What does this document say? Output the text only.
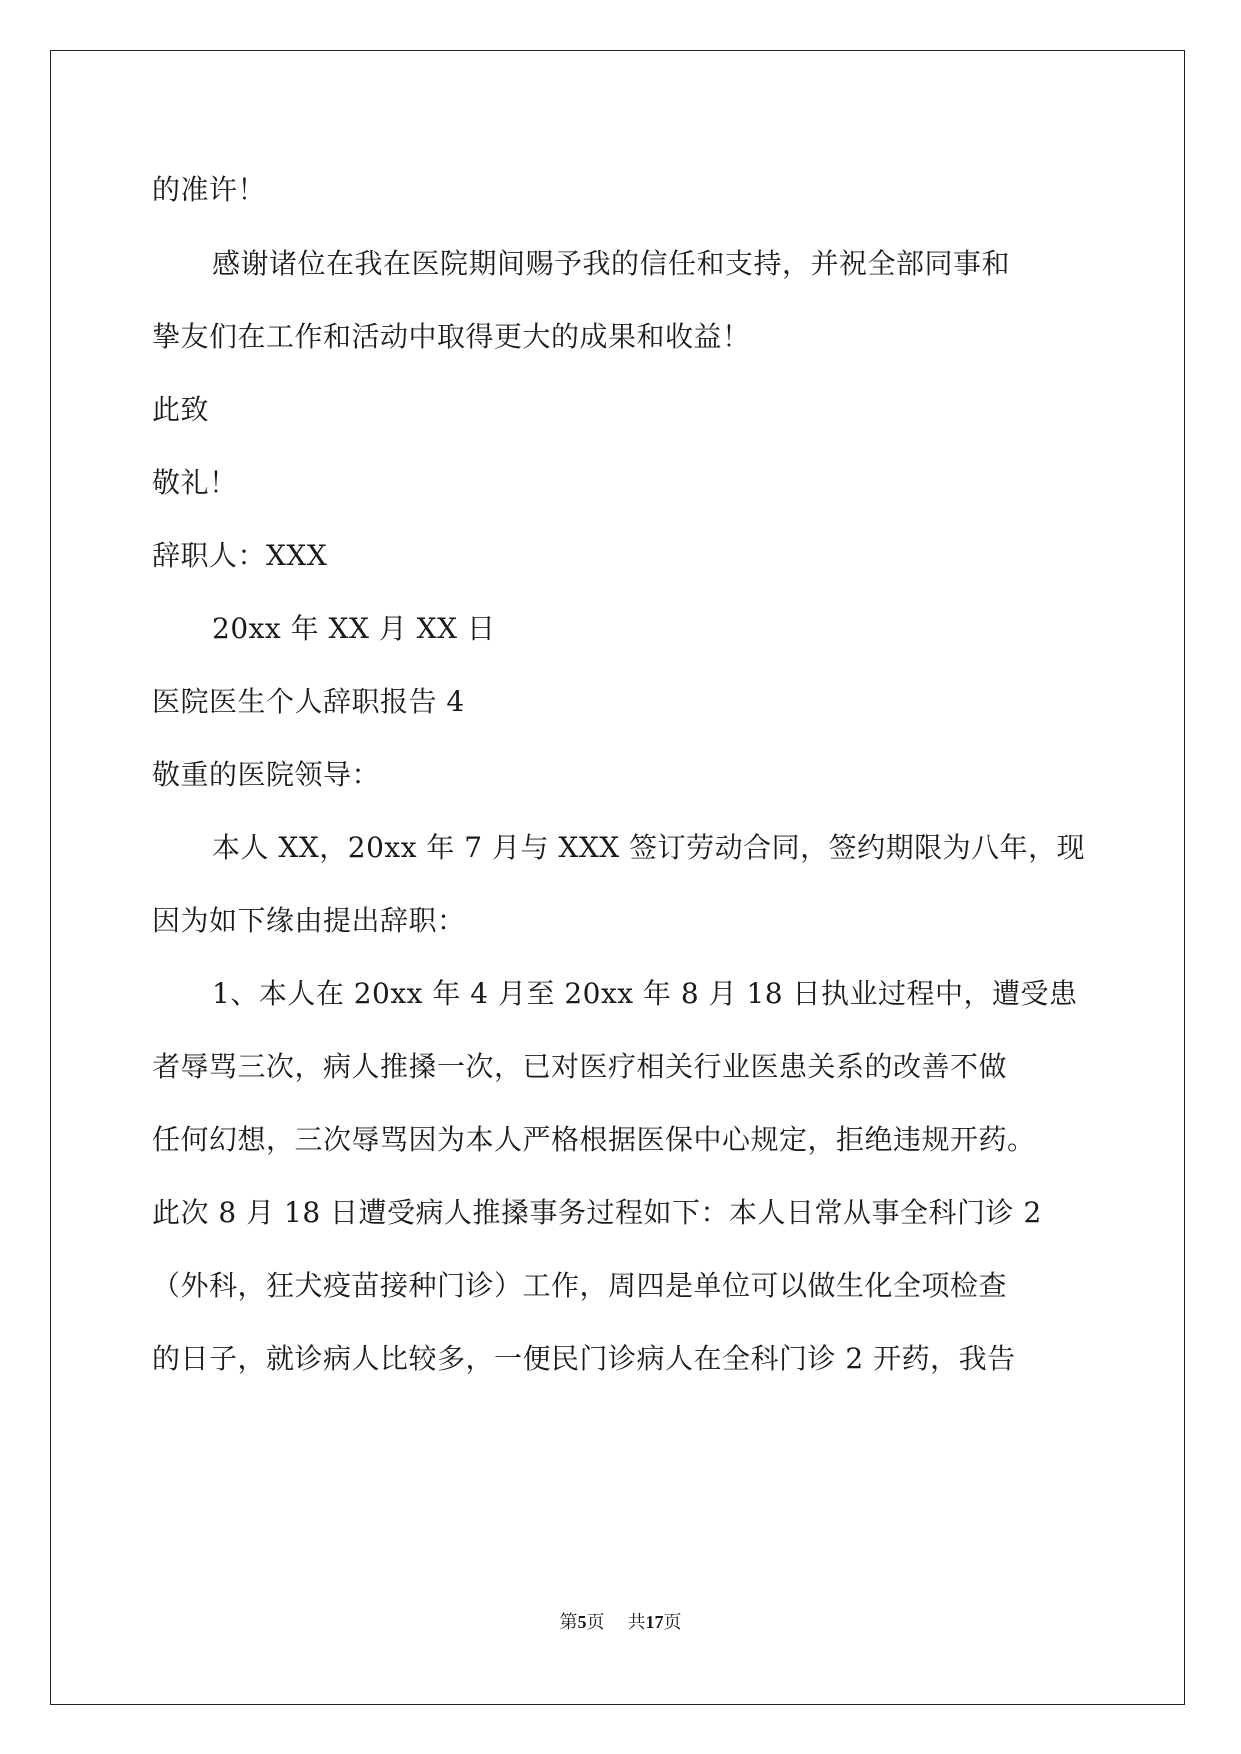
的准许！
感谢诸位在我在医院期间赐予我的信任和支持，并祝全部同事和
挚友们在工作和活动中取得更大的成果和收益！
此致
敬礼！
辞职人：XXX
20xx 年 XX 月 XX 日
医院医生个人辞职报告 4
敬重的医院领导：
本人 XX，20xx 年 7 月与 XXX 签订劳动合同，签约期限为八年，现
因为如下缘由提出辞职：
1、本人在 20xx 年 4 月至 20xx 年 8 月 18 日执业过程中，遭受患
者辱骂三次，病人推搡一次，已对医疗相关行业医患关系的改善不做
任何幻想，三次辱骂因为本人严格根据医保中心规定，拒绝违规开药。
此次 8 月 18 日遭受病人推搡事务过程如下：本人日常从事全科门诊 2
（外科，狂犬疫苗接种门诊）工作，周四是单位可以做生化全项检查
的日子，就诊病人比较多，一便民门诊病人在全科门诊 2 开药，我告
第5页 共17页
